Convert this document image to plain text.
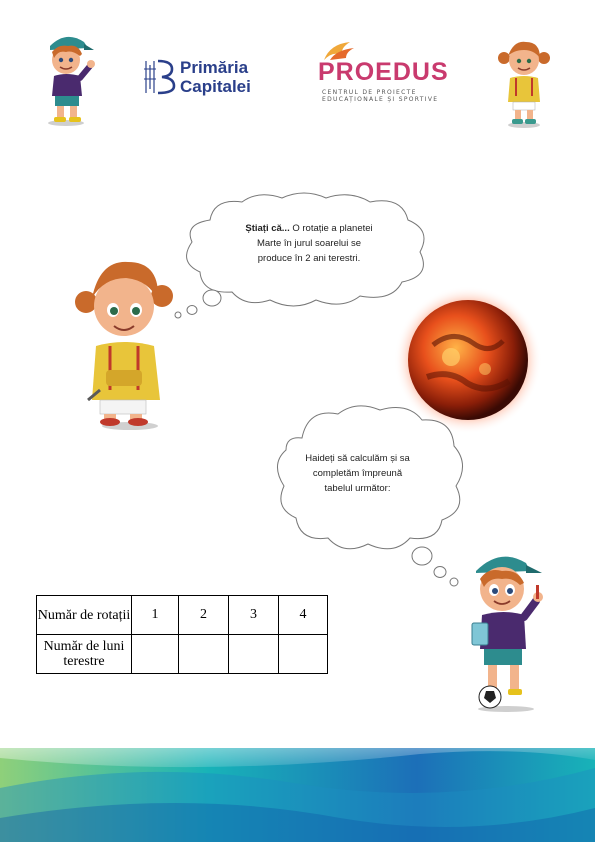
Primăria
Capitalei
PROEDUS
CENTRUL DE PROIECTE
EDUCAȚIONALE ȘI SPORTIVE
Știați că... O rotație a planetei Marte în jurul soarelui se produce în 2 ani terestri.
Haideți să calculăm și sa completăm împreună tabelul următor:
Număr de rotații	1	2	3	4
Număr de luni terestre				
